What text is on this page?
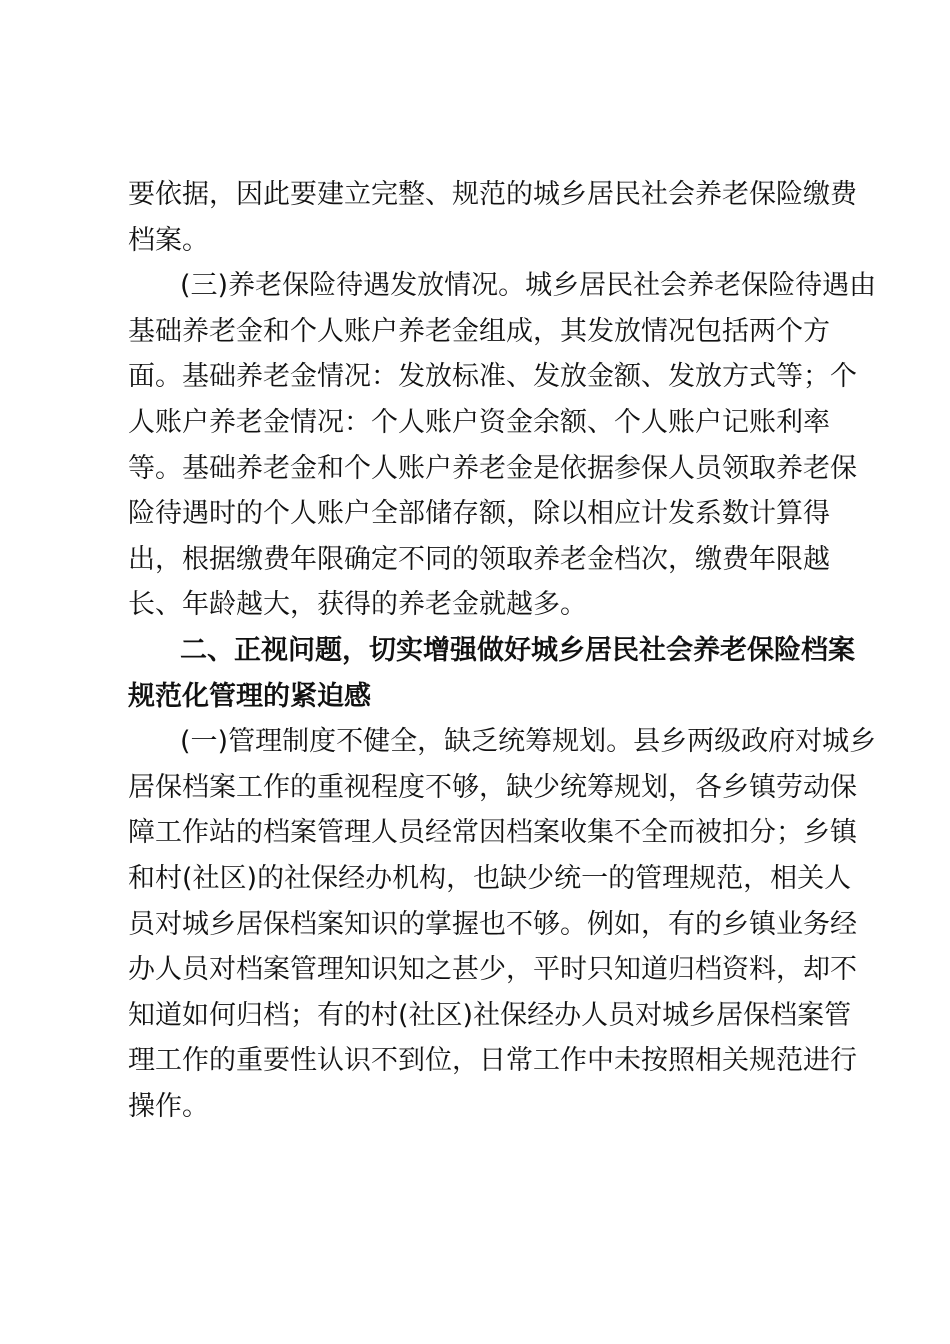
要依据，因此要建立完整、规范的城乡居民社会养老保险缴费
档案。
(三)养老保险待遇发放情况。城乡居民社会养老保险待遇由
基础养老金和个人账户养老金组成，其发放情况包括两个方
面。基础养老金情况：发放标准、发放金额、发放方式等；个
人账户养老金情况：个人账户资金余额、个人账户记账利率
等。基础养老金和个人账户养老金是依据参保人员领取养老保
险待遇时的个人账户全部储存额，除以相应计发系数计算得
出，根据缴费年限确定不同的领取养老金档次，缴费年限越
长、年龄越大，获得的养老金就越多。
二、正视问题，切实增强做好城乡居民社会养老保险档案
规范化管理的紧迫感
(一)管理制度不健全，缺乏统筹规划。县乡两级政府对城乡
居保档案工作的重视程度不够，缺少统筹规划，各乡镇劳动保
障工作站的档案管理人员经常因档案收集不全而被扣分；乡镇
和村(社区)的社保经办机构，也缺少统一的管理规范，相关人
员对城乡居保档案知识的掌握也不够。例如，有的乡镇业务经
办人员对档案管理知识知之甚少，平时只知道归档资料，却不
知道如何归档；有的村(社区)社保经办人员对城乡居保档案管
理工作的重要性认识不到位，日常工作中未按照相关规范进行
操作。
